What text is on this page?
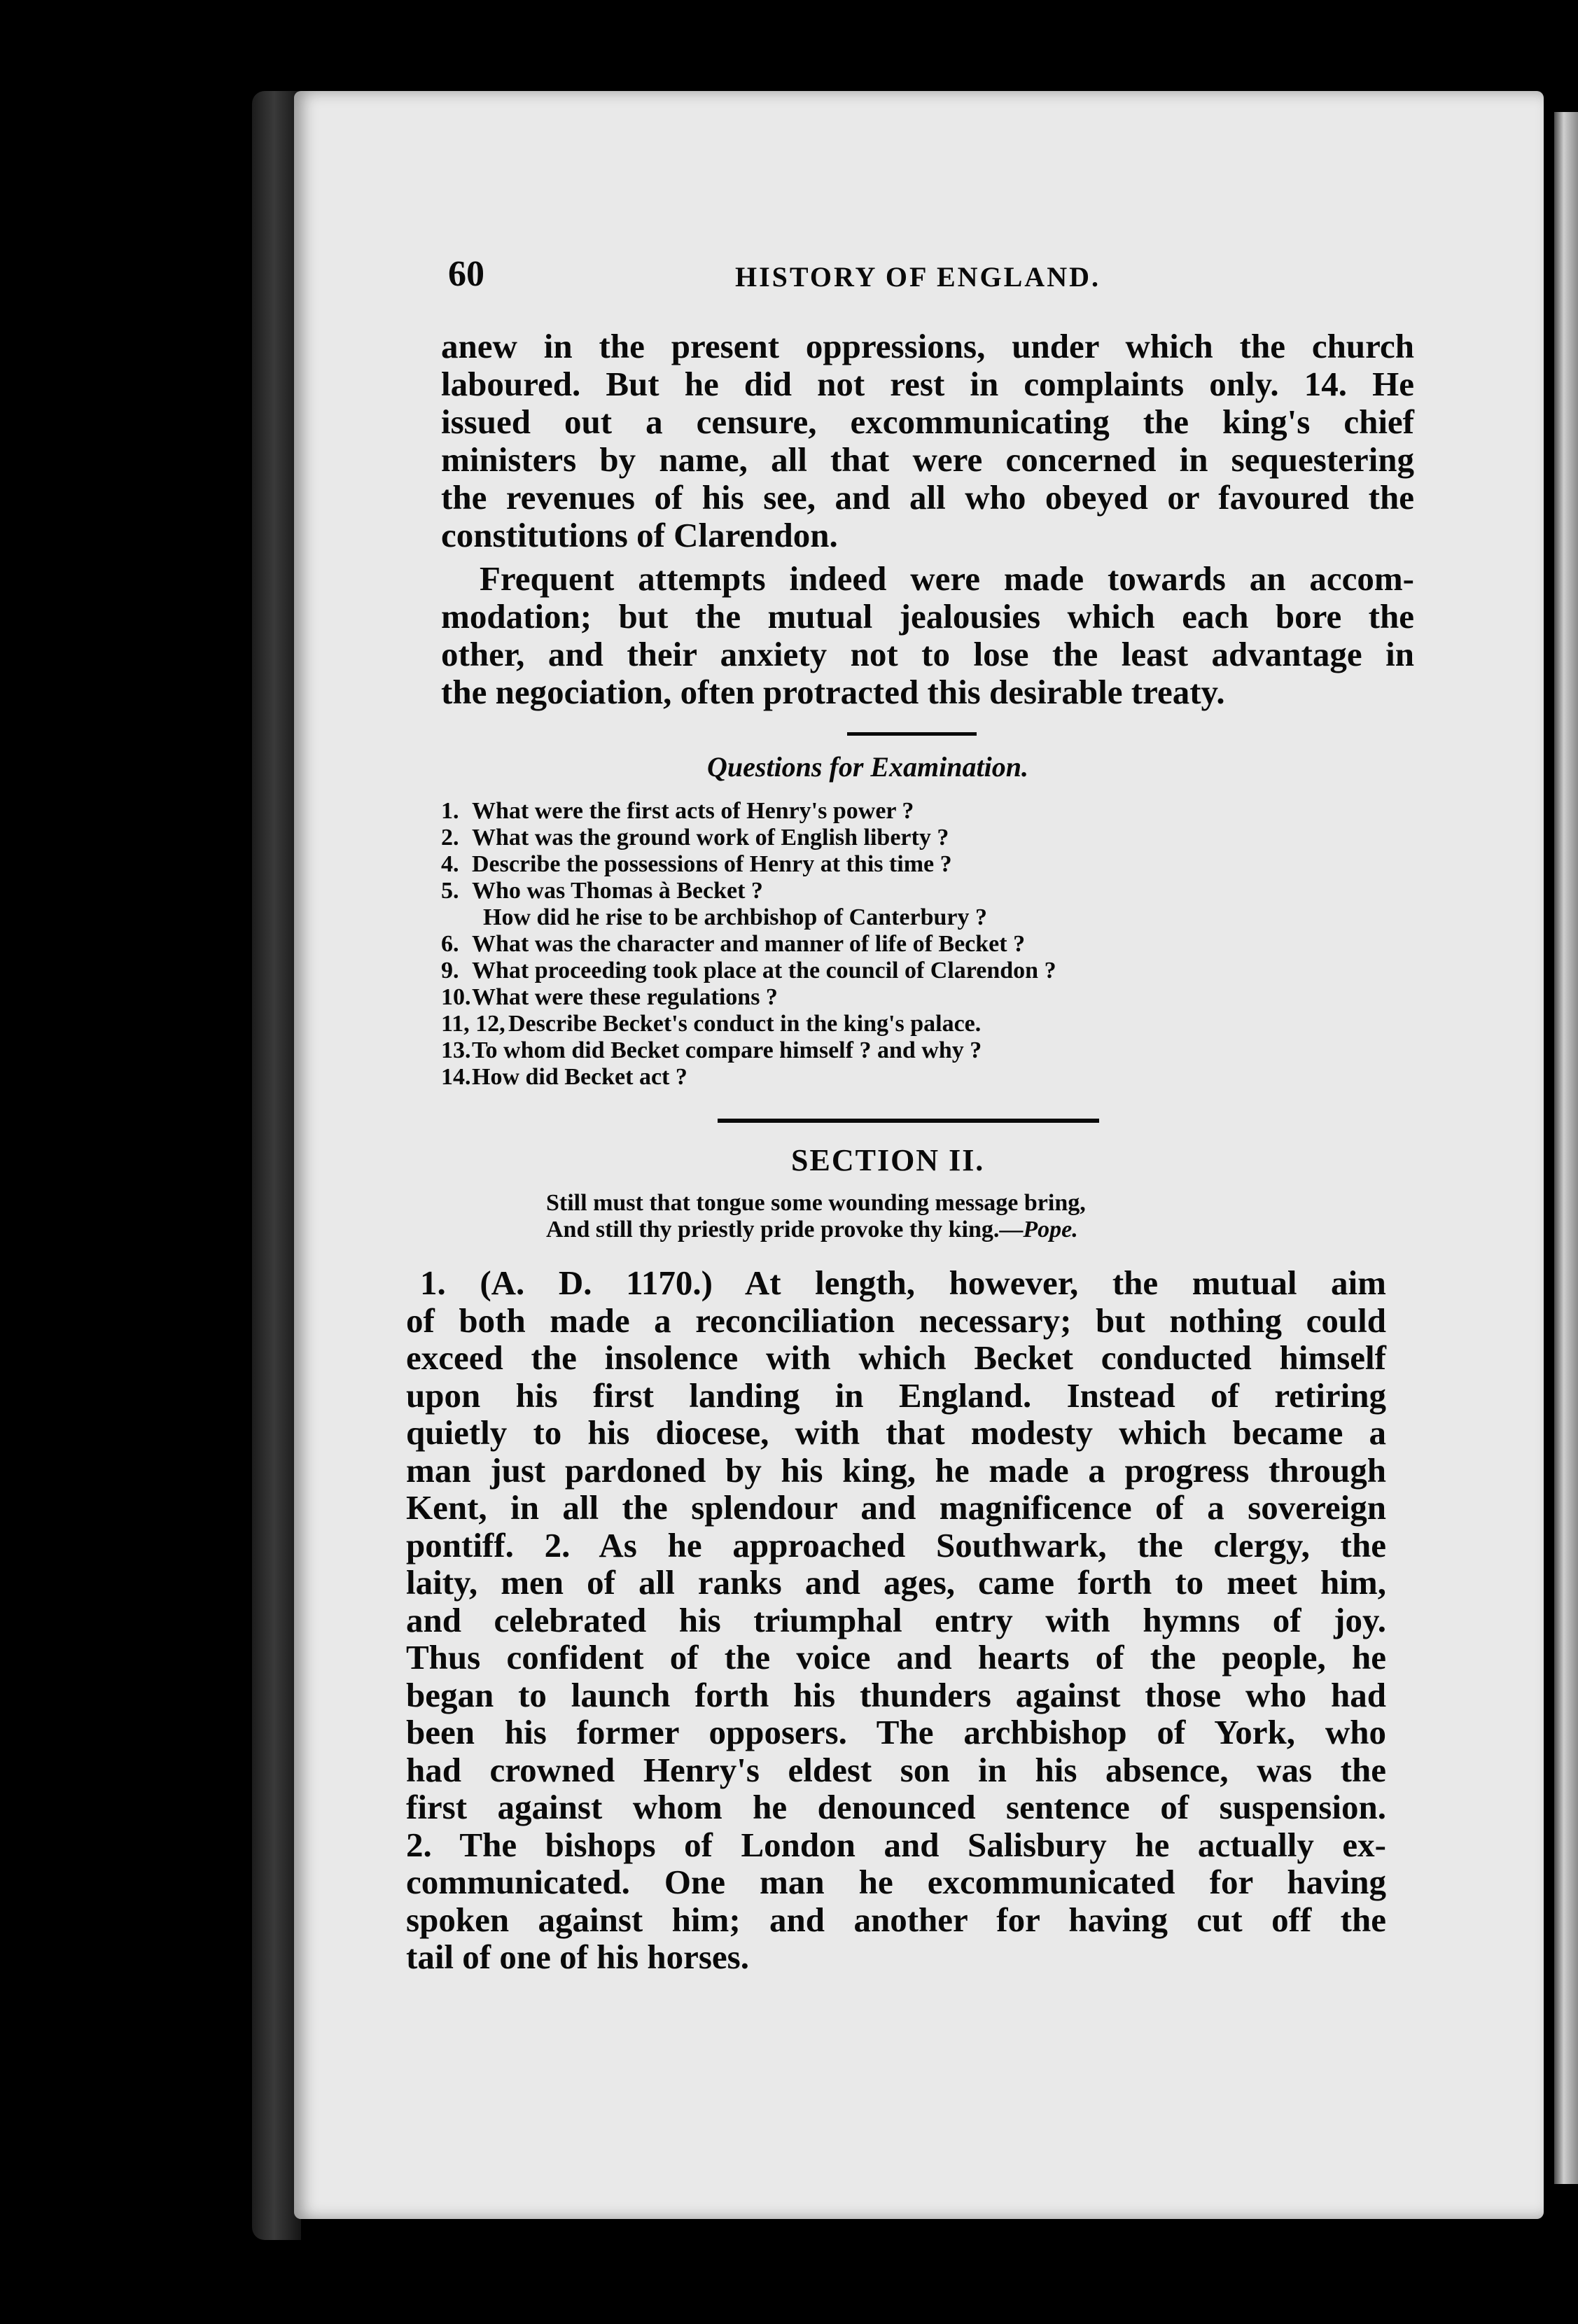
60	HISTORY OF ENGLAND.

anew in the present oppressions, under which the church
laboured. But he did not rest in complaints only. 14. He
issued out a censure, excommunicating the king's chief
ministers by name, all that were concerned in sequestering
the revenues of his see, and all who obeyed or favoured the
constitutions of Clarendon.

Frequent attempts indeed were made towards an accom-
modation; but the mutual jealousies which each bore the
other, and their anxiety not to lose the least advantage in
the negociation, often protracted this desirable treaty.

Questions for Examination.

1. What were the first acts of Henry's power ?
2. What was the ground work of English liberty ?
4. Describe the possessions of Henry at this time ?
5. Who was Thomas à Becket ?
How did he rise to be archbishop of Canterbury ?
6. What was the character and manner of life of Becket ?
9. What proceeding took place at the council of Clarendon ?
10. What were these regulations ?
11, 12, Describe Becket's conduct in the king's palace.
13. To whom did Becket compare himself ? and why ?
14. How did Becket act ?

SECTION II.

Still must that tongue some wounding message bring,
And still thy priestly pride provoke thy king.—Pope.

1. (A. D. 1170.) At length, however, the mutual aim
of both made a reconciliation necessary; but nothing could
exceed the insolence with which Becket conducted himself
upon his first landing in England. Instead of retiring
quietly to his diocese, with that modesty which became a
man just pardoned by his king, he made a progress through
Kent, in all the splendour and magnificence of a sovereign
pontiff. 2. As he approached Southwark, the clergy, the
laity, men of all ranks and ages, came forth to meet him,
and celebrated his triumphal entry with hymns of joy.
Thus confident of the voice and hearts of the people, he
began to launch forth his thunders against those who had
been his former opposers. The archbishop of York, who
had crowned Henry's eldest son in his absence, was the
first against whom he denounced sentence of suspension.
2. The bishops of London and Salisbury he actually ex-
communicated. One man he excommunicated for having
spoken against him; and another for having cut off the
tail of one of his horses.
